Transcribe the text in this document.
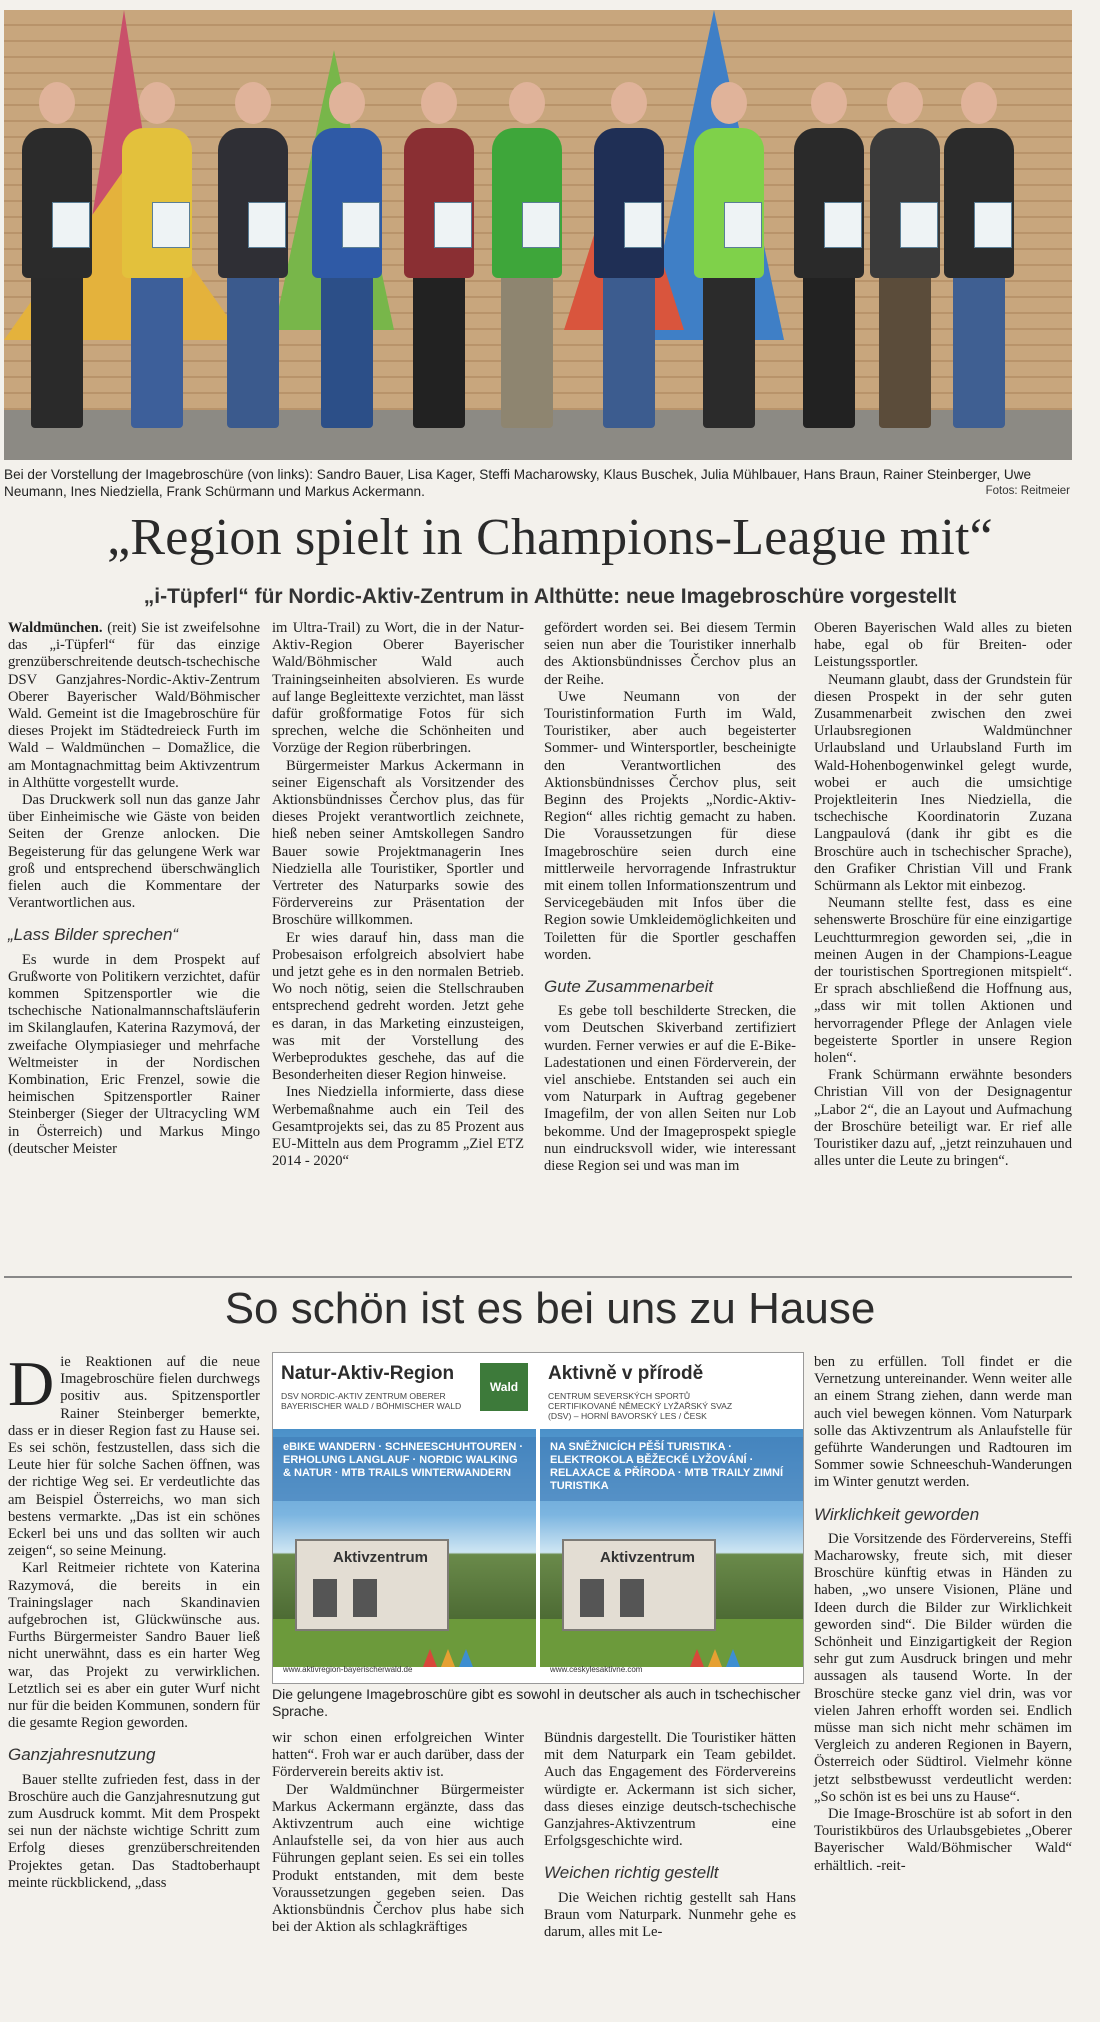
Bei der Vorstellung der Imagebroschüre (von links): Sandro Bauer, Lisa Kager, Steffi Macharowsky, Klaus Buschek, Julia Mühlbauer, Hans Braun, Rainer Steinberger, Uwe Neumann, Ines Niedziella, Frank Schürmann und Markus Ackermann.	Fotos: Reitmeier
„Region spielt in Champions-League mit“
„i-Tüpferl“ für Nordic-Aktiv-Zentrum in Althütte: neue Imagebroschüre vorgestellt

Waldmünchen. (reit) Sie ist zweifelsohne das „i-Tüpferl“ für das einzige grenzüberschreitende deutsch-tschechische DSV Ganzjahres-Nordic-Aktiv-Zentrum Oberer Bayerischer Wald/Böhmischer Wald. Gemeint ist die Imagebroschüre für dieses Projekt im Städtedreieck Furth im Wald – Waldmünchen – Domažlice, die am Montagnachmittag beim Aktivzentrum in Althütte vorgestellt wurde.

Das Druckwerk soll nun das ganze Jahr über Einheimische wie Gäste von beiden Seiten der Grenze anlocken. Die Begeisterung für das gelungene Werk war groß und entsprechend überschwänglich fielen auch die Kommentare der Verantwortlichen aus.

„Lass Bilder sprechen“

Es wurde in dem Prospekt auf Grußworte von Politikern verzichtet, dafür kommen Spitzensportler wie die tschechische Nationalmannschaftsläuferin im Skilanglaufen, Katerina Razymová, der zweifache Olympiasieger und mehrfache Weltmeister in der Nordischen Kombination, Eric Frenzel, sowie die heimischen Spitzensportler Rainer Steinberger (Sieger der Ultracycling WM in Österreich) und Markus Mingo (deutscher Meister

im Ultra-Trail) zu Wort, die in der Natur-Aktiv-Region Oberer Bayerischer Wald/Böhmischer Wald auch Trainingseinheiten absolvieren. Es wurde auf lange Begleittexte verzichtet, man lässt dafür großformatige Fotos für sich sprechen, welche die Schönheiten und Vorzüge der Region rüberbringen.

Bürgermeister Markus Ackermann in seiner Eigenschaft als Vorsitzender des Aktionsbündnisses Čerchov plus, das für dieses Projekt verantwortlich zeichnete, hieß neben seiner Amtskollegen Sandro Bauer sowie Projektmanagerin Ines Niedziella alle Touristiker, Sportler und Vertreter des Naturparks sowie des Fördervereins zur Präsentation der Broschüre willkommen.

Er wies darauf hin, dass man die Probesaison erfolgreich absolviert habe und jetzt gehe es in den normalen Betrieb. Wo noch nötig, seien die Stellschrauben entsprechend gedreht worden. Jetzt gehe es daran, in das Marketing einzusteigen, was mit der Vorstellung des Werbeproduktes geschehe, das auf die Besonderheiten dieser Region hinweise.

Ines Niedziella informierte, dass diese Werbemaßnahme auch ein Teil des Gesamtprojekts sei, das zu 85 Prozent aus EU-Mitteln aus dem Programm „Ziel ETZ 2014 - 2020“

gefördert worden sei. Bei diesem Termin seien nun aber die Touristiker innerhalb des Aktionsbündnisses Čerchov plus an der Reihe.

Uwe Neumann von der Touristinformation Furth im Wald, Touristiker, aber auch begeisterter Sommer- und Wintersportler, bescheinigte den Verantwortlichen des Aktionsbündnisses Čerchov plus, seit Beginn des Projekts „Nordic-Aktiv-Region“ alles richtig gemacht zu haben. Die Voraussetzungen für diese Imagebroschüre seien durch eine mittlerweile hervorragende Infrastruktur mit einem tollen Informationszentrum und Servicegebäuden mit Infos über die Region sowie Umkleidemöglichkeiten und Toiletten für die Sportler geschaffen worden.

Gute Zusammenarbeit

Es gebe toll beschilderte Strecken, die vom Deutschen Skiverband zertifiziert wurden. Ferner verwies er auf die E-Bike-Ladestationen und einen Förderverein, der viel anschiebe. Entstanden sei auch ein vom Naturpark in Auftrag gegebener Imagefilm, der von allen Seiten nur Lob bekomme. Und der Imageprospekt spiegle nun eindrucksvoll wider, wie interessant diese Region sei und was man im

Oberen Bayerischen Wald alles zu bieten habe, egal ob für Breiten- oder Leistungssportler.

Neumann glaubt, dass der Grundstein für diesen Prospekt in der sehr guten Zusammenarbeit zwischen den zwei Urlaubsregionen Waldmünchner Urlaubsland und Urlaubsland Furth im Wald-Hohenbogenwinkel gelegt wurde, wobei er auch die umsichtige Projektleiterin Ines Niedziella, die tschechische Koordinatorin Zuzana Langpaulová (dank ihr gibt es die Broschüre auch in tschechischer Sprache), den Grafiker Christian Vill und Frank Schürmann als Lektor mit einbezog.

Neumann stellte fest, dass es eine sehenswerte Broschüre für eine einzigartige Leuchtturmregion geworden sei, „die in meinen Augen in der Champions-League der touristischen Sportregionen mitspielt“. Er sprach abschließend die Hoffnung aus, „dass wir mit tollen Aktionen und hervorragender Pflege der Anlagen viele begeisterte Sportler in unsere Region holen“.

Frank Schürmann erwähnte besonders Christian Vill von der Designagentur „Labor 2“, die an Layout und Aufmachung der Broschüre beteiligt war. Er rief alle Touristiker dazu auf, „jetzt reinzuhauen und alles unter die Leute zu bringen“.

So schön ist es bei uns zu Hause

Die Reaktionen auf die neue Imagebroschüre fielen durchwegs positiv aus. Spitzensportler Rainer Steinberger bemerkte, dass er in dieser Region fast zu Hause sei. Es sei schön, festzustellen, dass sich die Leute hier für solche Sachen öffnen, was der richtige Weg sei. Er verdeutlichte das am Beispiel Österreichs, wo man sich bestens vermarkte. „Das ist ein schönes Eckerl bei uns und das sollten wir auch zeigen“, so seine Meinung.

Karl Reitmeier richtete von Katerina Razymová, die bereits in ein Trainingslager nach Skandinavien aufgebrochen ist, Glückwünsche aus. Furths Bürgermeister Sandro Bauer ließ nicht unerwähnt, dass es ein harter Weg war, das Projekt zu verwirklichen. Letztlich sei es aber ein guter Wurf nicht nur für die beiden Kommunen, sondern für die gesamte Region geworden.

Ganzjahresnutzung

Bauer stellte zufrieden fest, dass in der Broschüre auch die Ganzjahresnutzung gut zum Ausdruck kommt. Mit dem Prospekt sei nun der nächste wichtige Schritt zum Erfolg dieses grenzüberschreitenden Projektes getan. Das Stadtoberhaupt meinte rückblickend, „dass

Natur-Aktiv-Region
DSV NORDIC-AKTIV ZENTRUM OBERER BAYERISCHER WALD / BÖHMISCHER WALD
Wald
eBIKE WANDERN · SCHNEESCHUHTOUREN · ERHOLUNG LANGLAUF · NORDIC WALKING & NATUR · MTB TRAILS WINTERWANDERN
Aktivzentrum
www.aktivregion-bayerischerwald.de
Aktivně v přírodě
CENTRUM SEVERSKÝCH SPORTŮ CERTIFIKOVANÉ NĚMECKÝ LYŽAŘSKÝ SVAZ (DSV) – HORNÍ BAVORSKÝ LES / ČESK
NA SNĚŽNICÍCH PĚŠÍ TURISTIKA · ELEKTROKOLA BĚŽECKÉ LYŽOVÁNÍ · RELAXACE & PŘÍRODA · MTB TRAILY ZIMNÍ TURISTIKA
Aktivzentrum
www.ceskylesaktivne.com
Die gelungene Imagebroschüre gibt es sowohl in deutscher als auch in tschechischer Sprache.

wir schon einen erfolgreichen Winter hatten“. Froh war er auch darüber, dass der Förderverein bereits aktiv ist.

Der Waldmünchner Bürgermeister Markus Ackermann ergänzte, dass das Aktivzentrum auch eine wichtige Anlaufstelle sei, da von hier aus auch Führungen geplant seien. Es sei ein tolles Produkt entstanden, mit dem beste Voraussetzungen gegeben seien. Das Aktionsbündnis Čerchov plus habe sich bei der Aktion als schlagkräftiges

Bündnis dargestellt. Die Touristiker hätten mit dem Naturpark ein Team gebildet. Auch das Engagement des Fördervereins würdigte er. Ackermann ist sich sicher, dass dieses einzige deutsch-tschechische Ganzjahres-Aktivzentrum eine Erfolgsgeschichte wird.

Weichen richtig gestellt

Die Weichen richtig gestellt sah Hans Braun vom Naturpark. Nunmehr gehe es darum, alles mit Le-

ben zu erfüllen. Toll findet er die Vernetzung untereinander. Wenn weiter alle an einem Strang ziehen, dann werde man auch viel bewegen können. Vom Naturpark solle das Aktivzentrum als Anlaufstelle für geführte Wanderungen und Radtouren im Sommer sowie Schneeschuh-Wanderungen im Winter genutzt werden.

Wirklichkeit geworden

Die Vorsitzende des Fördervereins, Steffi Macharowsky, freute sich, mit dieser Broschüre künftig etwas in Händen zu haben, „wo unsere Visionen, Pläne und Ideen durch die Bilder zur Wirklichkeit geworden sind“. Die Bilder würden die Schönheit und Einzigartigkeit der Region sehr gut zum Ausdruck bringen und mehr aussagen als tausend Worte. In der Broschüre stecke ganz viel drin, was vor vielen Jahren erhofft worden sei. Endlich müsse man sich nicht mehr schämen im Vergleich zu anderen Regionen in Bayern, Österreich oder Südtirol. Vielmehr könne jetzt selbstbewusst verdeutlicht werden: „So schön ist es bei uns zu Hause“.

Die Image-Broschüre ist ab sofort in den Touristikbüros des Urlaubsgebietes „Oberer Bayerischer Wald/Böhmischer Wald“ erhältlich. -reit-
